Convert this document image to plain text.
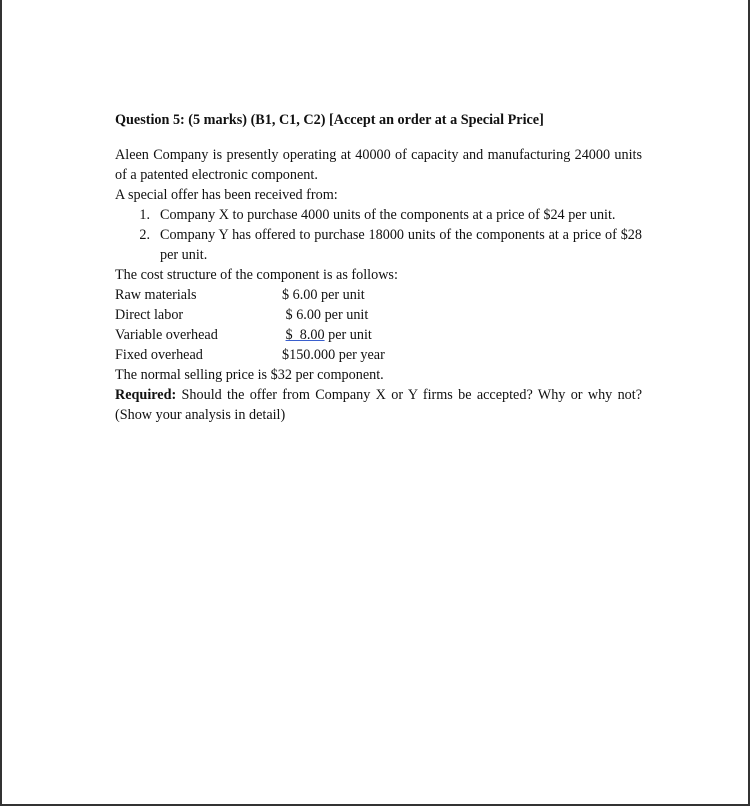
Question 5: (5 marks) (B1, C1, C2) [Accept an order at a Special Price]

Aleen Company is presently operating at 40000 of capacity and manufacturing 24000 units of a patented electronic component.

A special offer has been received from:

1. Company X to purchase 4000 units of the components at a price of $24 per unit.
2. Company Y has offered to purchase 18000 units of the components at a price of $28 per unit.

The cost structure of the component is as follows:

Raw materials	$ 6.00 per unit
Direct labor	$ 6.00 per unit
Variable overhead	$  8.00 per unit
Fixed overhead	$150.000 per year

The normal selling price is $32 per component.

Required: Should the offer from Company X or Y firms be accepted? Why or why not? (Show your analysis in detail)
